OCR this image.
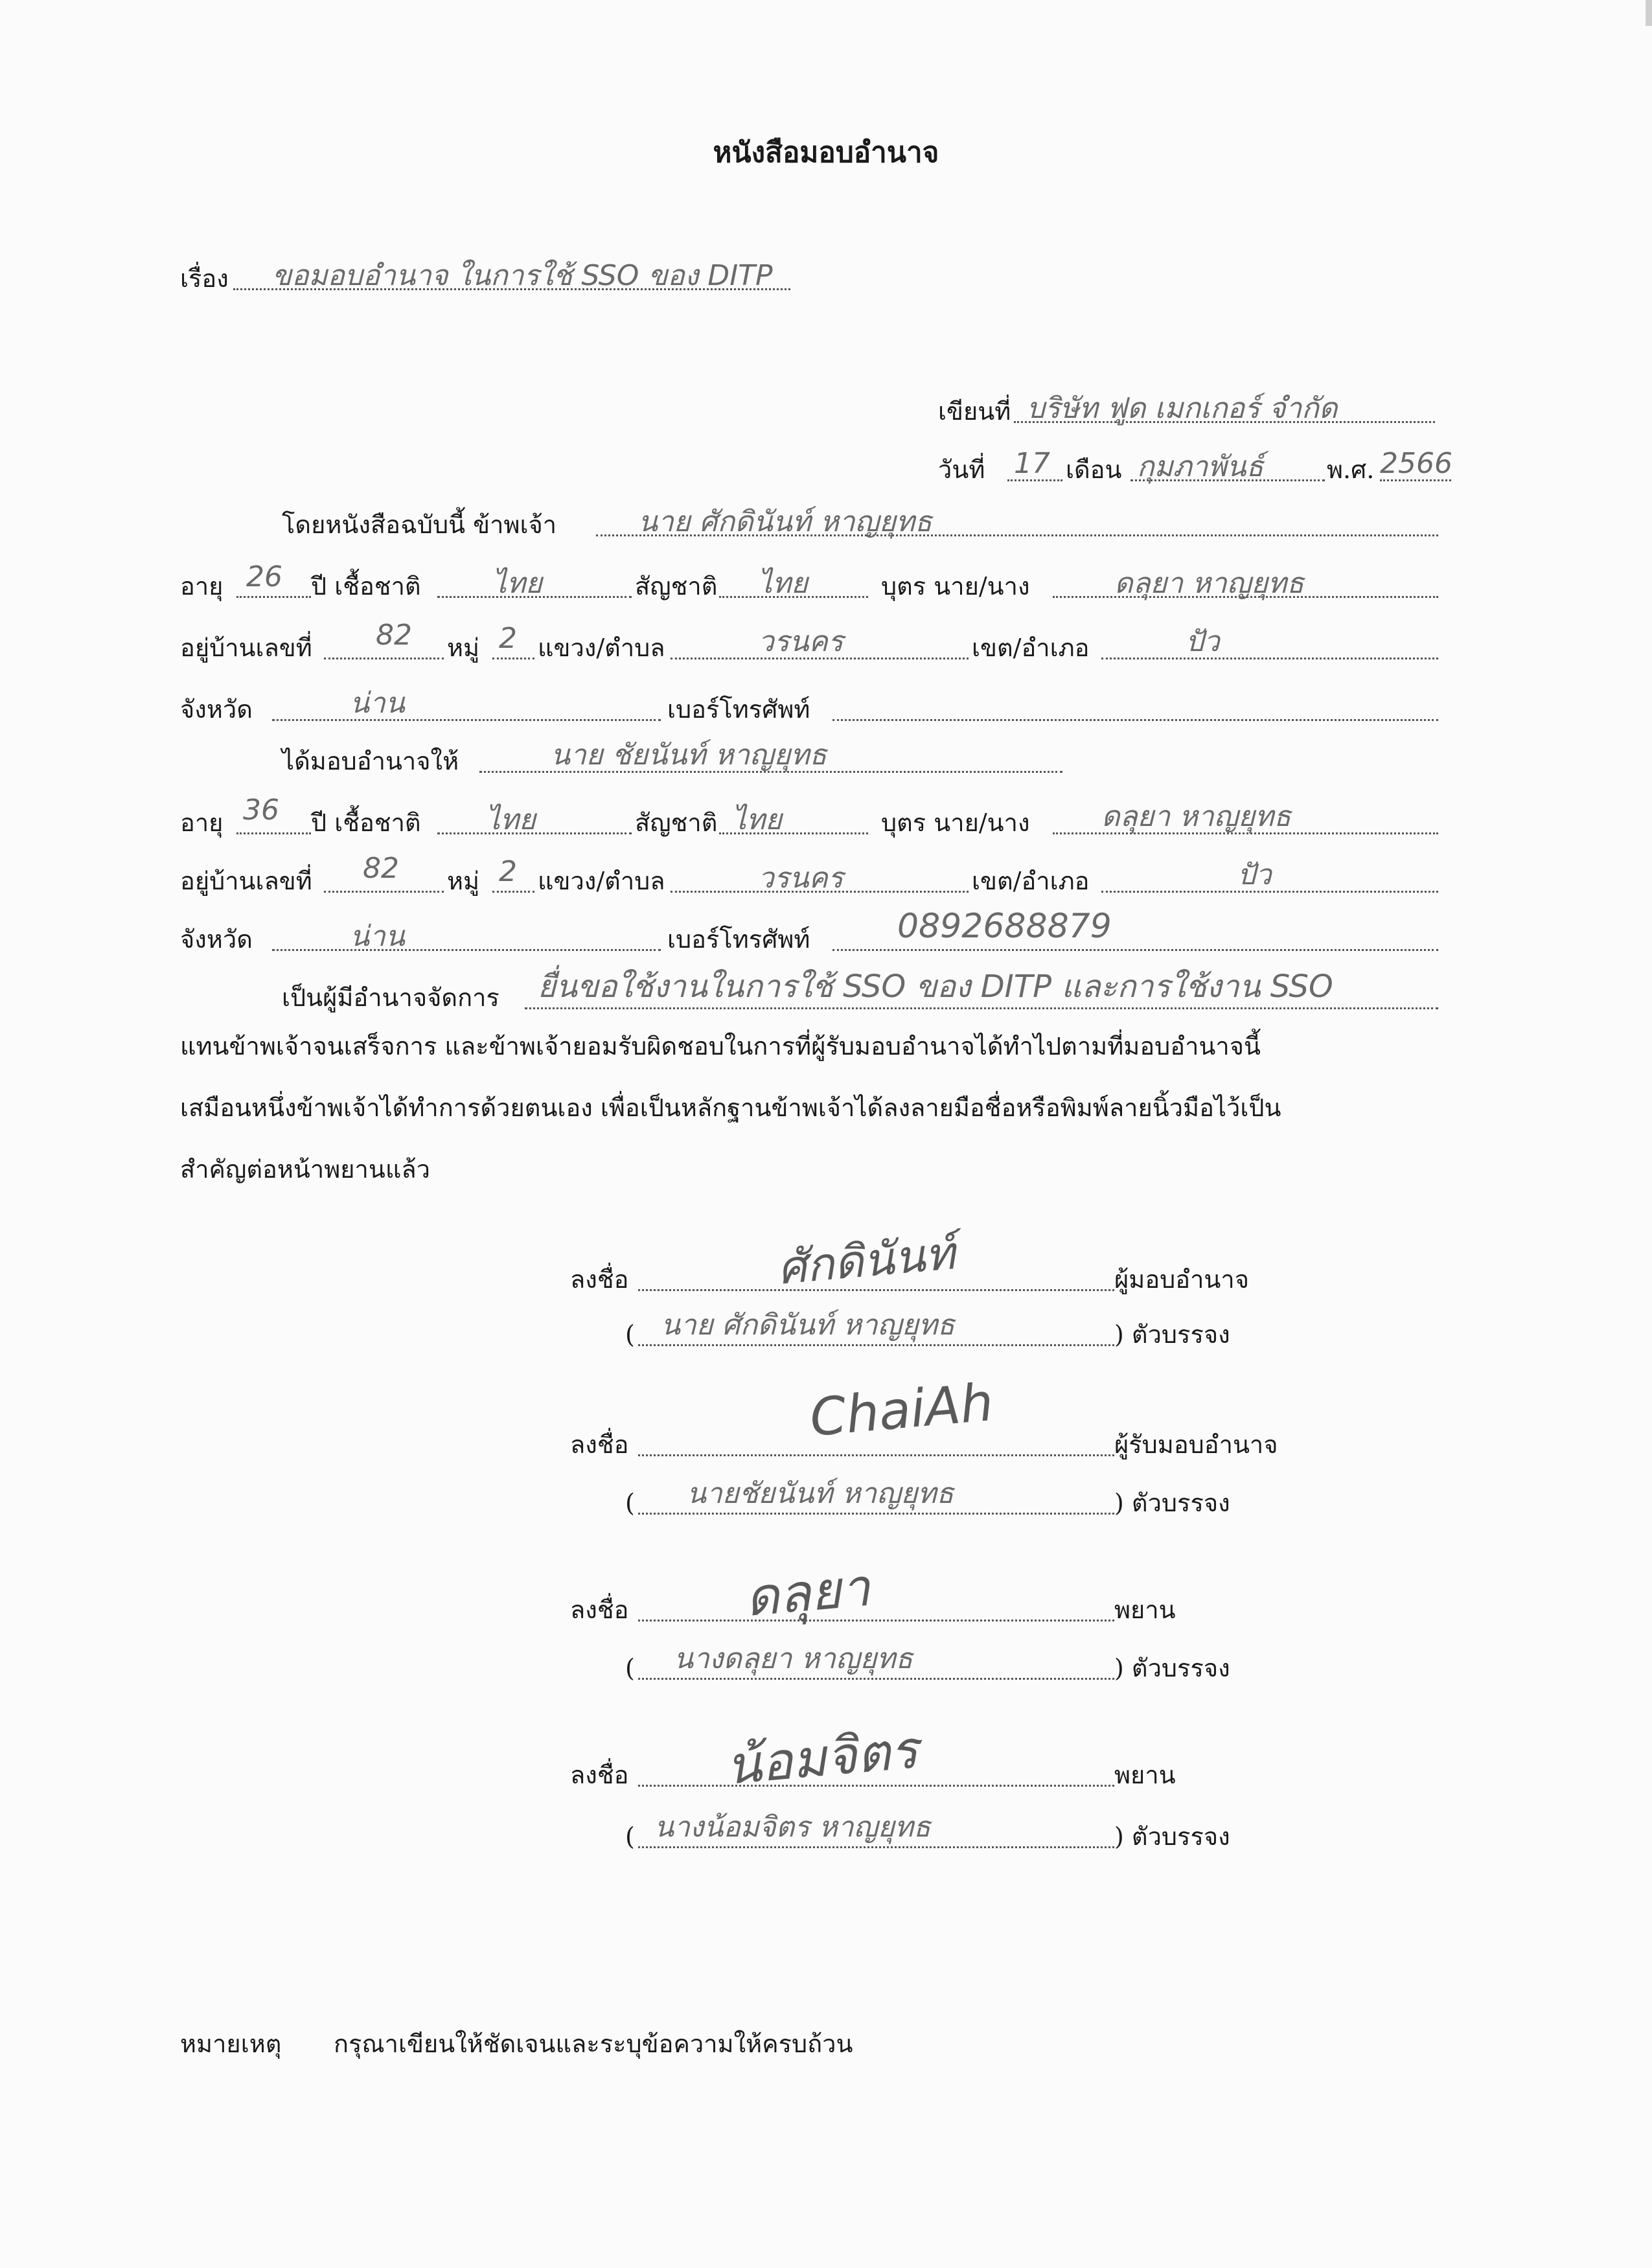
หนังสือมอบอำนาจ
เรื่อง ขอมอบอำนาจ ในการใช้ SSO ของ DITP
เขียนที่ บริษัท ฟูด เมกเกอร์ จำกัด
วันที่ 17 เดือน กุมภาพันธ์	พ.ศ. 2566
โดยหนังสือฉบับนี้ ข้าพเจ้า	นาย ศักดินันท์ หาญยุทธ
อายุ 26 ปี เชื้อชาติ	ไทย	สัญชาติ ไทย	บุตร นาย/นาง	ดลุยา หาญยุทธ
อยู่บ้านเลขที่ 82 หมู่ 2 แขวง/ตำบล	วรนคร	เขต/อำเภอ	ปัว
จังหวัด	น่าน	เบอร์โทรศัพท์
ได้มอบอำนาจให้	นาย ชัยนันท์ หาญยุทธ
อายุ 36 ปี เชื้อชาติ ไทย	สัญชาติ ไทย	บุตร นาย/นาง	ดลุยา หาญยุทธ
อยู่บ้านเลขที่ 82 หมู่ 2 แขวง/ตำบล	วรนคร	เขต/อำเภอ	ปัว
จังหวัด	น่าน	เบอร์โทรศัพท์	0892688879
เป็นผู้มีอำนาจจัดการ ยื่นขอใช้งานในการใช้ SSO ของ DITP และการใช้งาน SSO
แทนข้าพเจ้าจนเสร็จการ และข้าพเจ้ายอมรับผิดชอบในการที่ผู้รับมอบอำนาจได้ทำไปตามที่มอบอำนาจนี้
เสมือนหนึ่งข้าพเจ้าได้ทำการด้วยตนเอง เพื่อเป็นหลักฐานข้าพเจ้าได้ลงลายมือชื่อหรือพิมพ์ลายนิ้วมือไว้เป็น
สำคัญต่อหน้าพยานแล้ว
ลงชื่อ	ศักดินันท์	ผู้มอบอำนาจ
( นาย ศักดินันท์ หาญยุทธ	) ตัวบรรจง
ลงชื่อ	ChaiAh	ผู้รับมอบอำนาจ
( นายชัยนันท์ หาญยุทธ	) ตัวบรรจง
ลงชื่อ ดลุยา	พยาน
( นางดลุยา หาญยุทธ	) ตัวบรรจง
ลงชื่อ น้อมจิตร	พยาน
( นางน้อมจิตร หาญยุทธ	) ตัวบรรจง
หมายเหตุ กรุณาเขียนให้ชัดเจนและระบุข้อความให้ครบถ้วน
